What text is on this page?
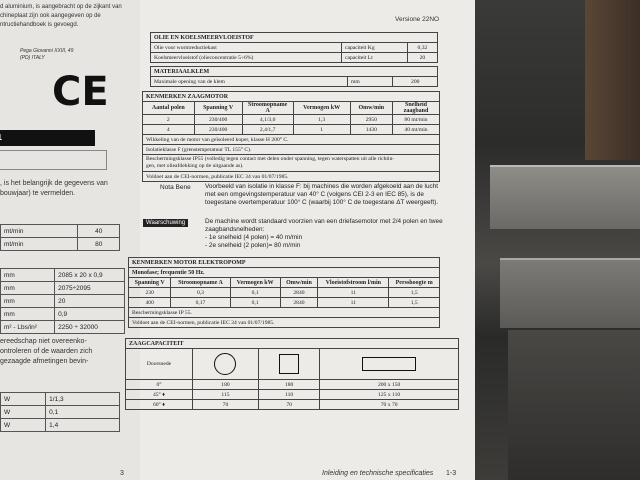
d aluminium, is aangebracht op de zijkant van
chineplaat zijn ook aangegeven op de
ntructiehandboek is gevoegd.
Pega Giovanni XXIII, 49
(PD) ITALY
CE
, is het belangrijk de gegevens van
bouwjaar) te vermelden.
mt/min	40
mt/min	80
mm	2085 x 20 x 0,9
mm	2075÷2095
mm	20
mm	0,9
m² - Lbs/in²	2250 ÷ 32000
ereedschap niet overeenko-
ontroleren of de waarden zich
gezaagde afmetingen bevin-
W	1/1,3
W	0,1
W	1,4
Versione 22NO
OLIE EN KOELSMEERVLOEISTOF		
Olie voor wormreductiekast	capaciteit Kg	0,32
Koelsmeervloeistof (olieconcentratie 5÷6%)	capaciteit Lt	20
MATERIAALKLEM
Maximale opening van de klem	mm	200
KENMERKEN ZAAGMOTOR					
Aantal polen	Spanning V	Stroomopname A	Vermogen kW	Omw/min	Snelheid zaagband
2	230/400	4,1/3,0	1,3	2950	80 mt/min
4	230/400	2,4/1,7	1	1430	40 mt/min
Wikkeling van de motor van geïsoleerd koper, klasse H 200° C.					
Isolatieklasse F (grenstemperatuur TL 155° C).					
Beschermingsklasse IP55 (volledig tegen contact met delen onder spanning, tegen waterspatten uit alle richtin-
gen, met olieafdekking op de uitgaande as).					
Voldoet aan de CEI-normen, publicatie IEC 34 van 01/07/1985.					
Nota Bene Voorbeeld van isolatie in klasse F: bij machines die worden afgekoeld aan de lucht met een omgevingstemperatuur van 40° C (volgens CEI 2-3 en IEC 85), is de toegestane overtemperatuur 100° C (waarbij 100° C de toegestane ΔT weergeeft).
Waarschuwing	De machine wordt standaard voorzien van een driefasemotor met 2/4 polen en twee zaagbandsnelheden:
- 1e snelheid (4 polen) = 40 m/min
- 2e snelheid (2 polen)= 80 m/min
KENMERKEN MOTOR ELEKTROPOMP					
Monofase; frequentie 50 Hz.					
Spanning V	Stroomopname A	Vermogen kW	Omw/min	Vloeistofstroom l/min	Persshoogte m
230	0,3	0,1	2840	11	1,5
400	0,17	0,1	2840	11	1,5
Beschermingsklasse IP 55.					
Voldoet aan de CEI-normen, publicatie IEC 34 van 01/07/1985.					
ZAAGCAPACITEIT			
Doorsnede	

0°	180	180	200 x 150
45° ♦	115	110	125 x 110
60° ♦	70	70	70 x 70
3	Inleiding en technische specificaties 1-3
